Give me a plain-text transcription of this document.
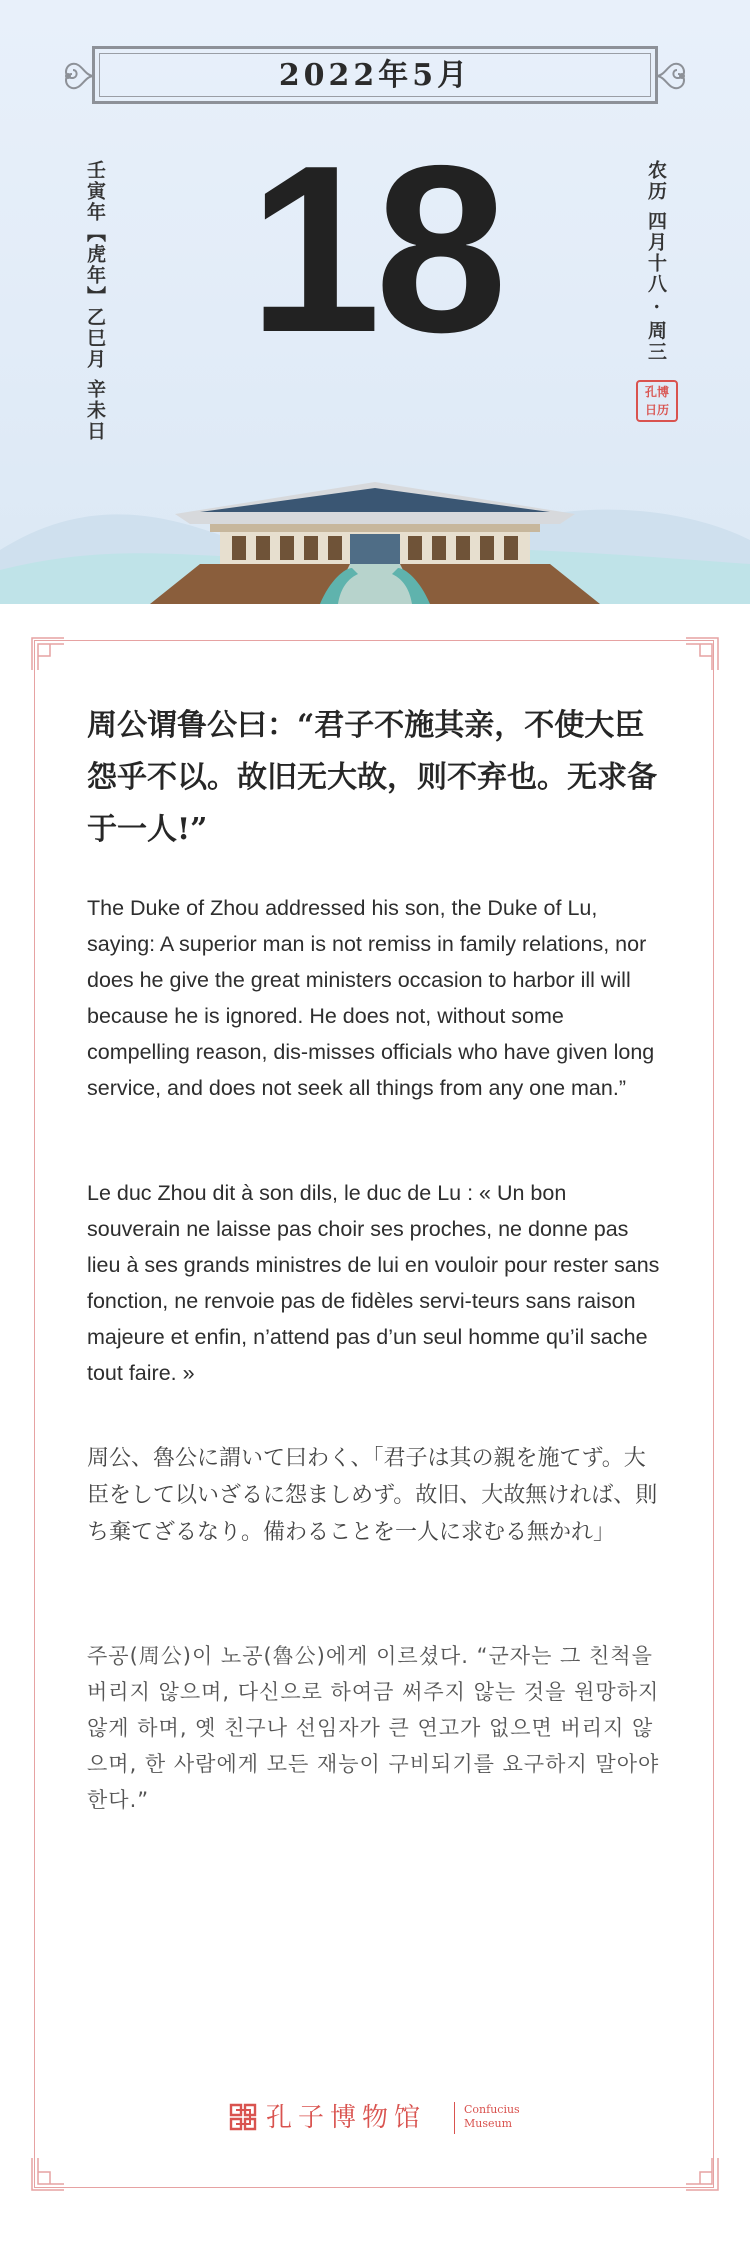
2022年5月
壬寅年【虎年】乙巳月 辛未日 18	农历 四月十八 · 周三
孔博
日历

周公谓鲁公曰：“君子不施其亲，不使大臣怨乎不以。故旧无大故，则不弃也。无求备于一人!”

The Duke of Zhou addressed his son, the Duke of Lu, saying: A superior man is not remiss in family relations, nor does he give the great ministers occasion to harbor ill will because he is ignored. He does not, without some compelling reason, dis-misses officials who have given long service, and does not seek all things from any one man.”

Le duc Zhou dit à son dils, le duc de Lu : « Un bon souverain ne laisse pas choir ses proches, ne donne pas lieu à ses grands ministres de lui en vouloir pour rester sans fonction, ne renvoie pas de fidèles servi-teurs sans raison majeure et enfin, n’attend pas d’un seul homme qu’il sache tout faire. »

周公、魯公に謂いて曰わく、「君子は其の親を施てず。大臣をして以いざるに怨ましめず。故旧、大故無ければ、則ち棄てざるなり。備わることを一人に求むる無かれ」

주공(周公)이 노공(魯公)에게 이르셨다. “군자는 그 친척을 버리지 않으며, 다신으로 하여금 써주지 않는 것을 원망하지 않게 하며, 옛 친구나 선임자가 큰 연고가 없으면 버리지 않으며, 한 사람에게 모든 재능이 구비되기를 요구하지 말아야 한다.”

孔子博物馆	Confucius
Museum
